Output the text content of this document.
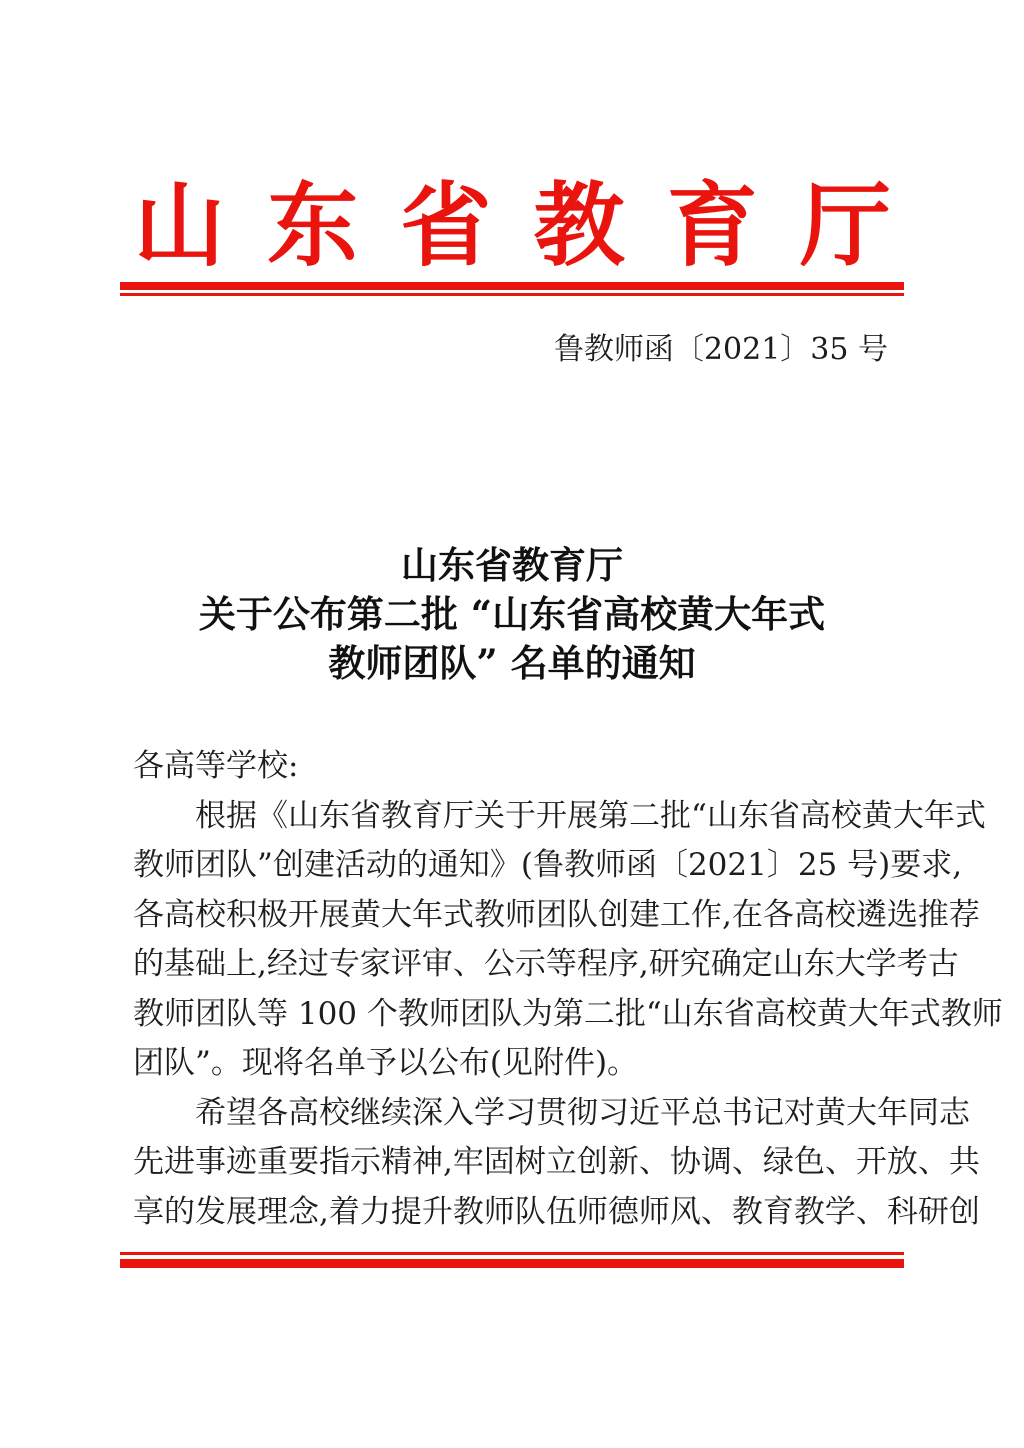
山 东 省 教 育 厅
鲁教师函〔2021〕35 号
山东省教育厅
关于公布第二批 “山东省高校黄大年式
教师团队” 名单的通知
各高等学校:
根据《山东省教育厅关于开展第二批“山东省高校黄大年式
教师团队”创建活动的通知》(鲁教师函〔2021〕25 号)要求,
各高校积极开展黄大年式教师团队创建工作,在各高校遴选推荐
的基础上,经过专家评审、公示等程序,研究确定山东大学考古
教师团队等 100 个教师团队为第二批“山东省高校黄大年式教师
团队”。现将名单予以公布(见附件)。
希望各高校继续深入学习贯彻习近平总书记对黄大年同志
先进事迹重要指示精神,牢固树立创新、协调、绿色、开放、共
享的发展理念,着力提升教师队伍师德师风、教育教学、科研创
